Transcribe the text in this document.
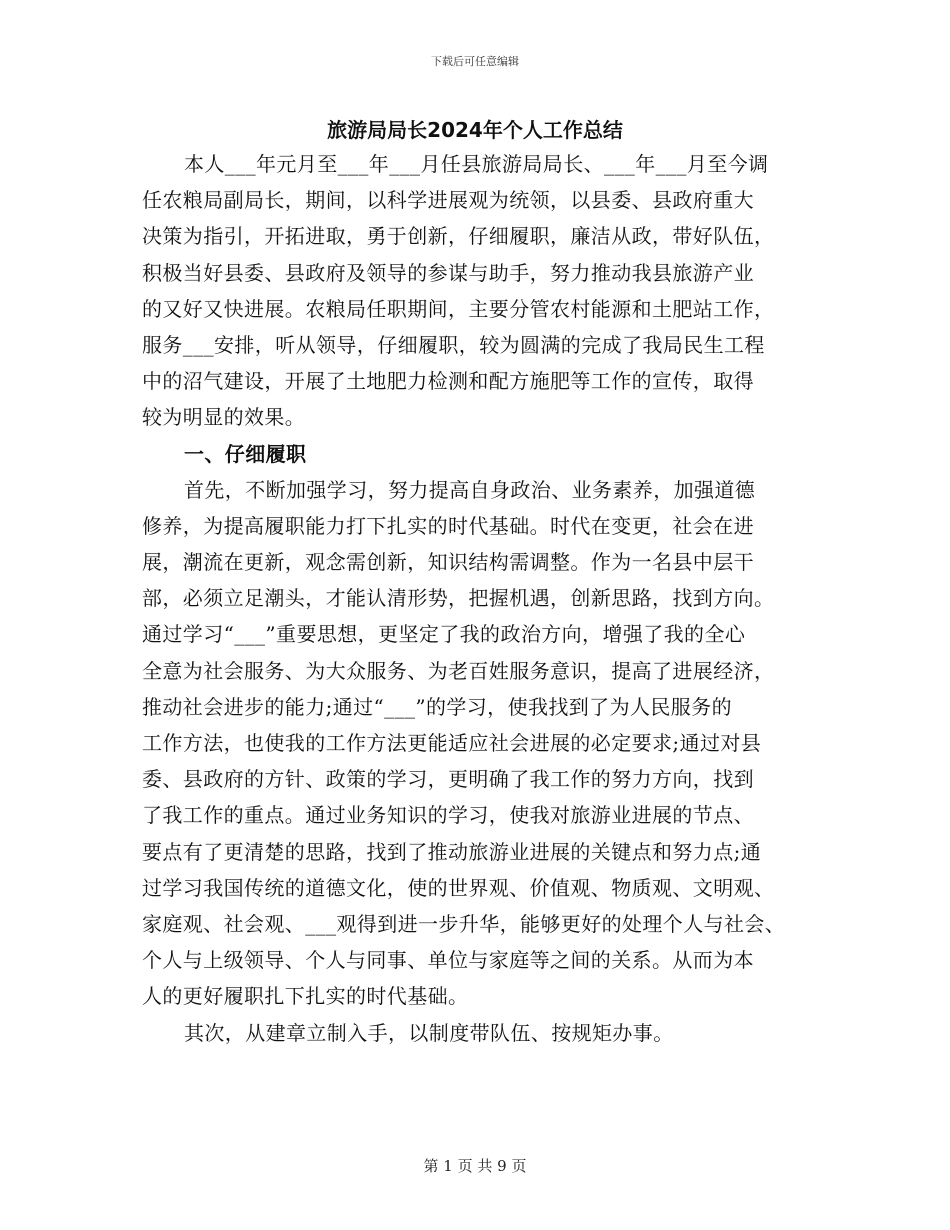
下载后可任意编辑
旅游局局长2024年个人工作总结
本人___年元月至___年___月任县旅游局局长、___年___月至今调
任农粮局副局长，期间，以科学进展观为统领，以县委、县政府重大
决策为指引，开拓进取，勇于创新，仔细履职，廉洁从政，带好队伍，
积极当好县委、县政府及领导的参谋与助手，努力推动我县旅游产业
的又好又快进展。农粮局任职期间，主要分管农村能源和土肥站工作，
服务___安排，听从领导，仔细履职，较为圆满的完成了我局民生工程
中的沼气建设，开展了土地肥力检测和配方施肥等工作的宣传，取得
较为明显的效果。
一、仔细履职
首先，不断加强学习，努力提高自身政治、业务素养，加强道德
修养，为提高履职能力打下扎实的时代基础。时代在变更，社会在进
展，潮流在更新，观念需创新，知识结构需调整。作为一名县中层干
部，必须立足潮头，才能认清形势，把握机遇，创新思路，找到方向。
通过学习“___”重要思想，更坚定了我的政治方向，增强了我的全心
全意为社会服务、为大众服务、为老百姓服务意识，提高了进展经济，
推动社会进步的能力;通过“___”的学习，使我找到了为人民服务的
工作方法，也使我的工作方法更能适应社会进展的必定要求;通过对县
委、县政府的方针、政策的学习，更明确了我工作的努力方向，找到
了我工作的重点。通过业务知识的学习，使我对旅游业进展的节点、
要点有了更清楚的思路，找到了推动旅游业进展的关键点和努力点;通
过学习我国传统的道德文化，使的世界观、价值观、物质观、文明观、
家庭观、社会观、___观得到进一步升华，能够更好的处理个人与社会、
个人与上级领导、个人与同事、单位与家庭等之间的关系。从而为本
人的更好履职扎下扎实的时代基础。
其次，从建章立制入手，以制度带队伍、按规矩办事。
第 1 页 共 9 页
